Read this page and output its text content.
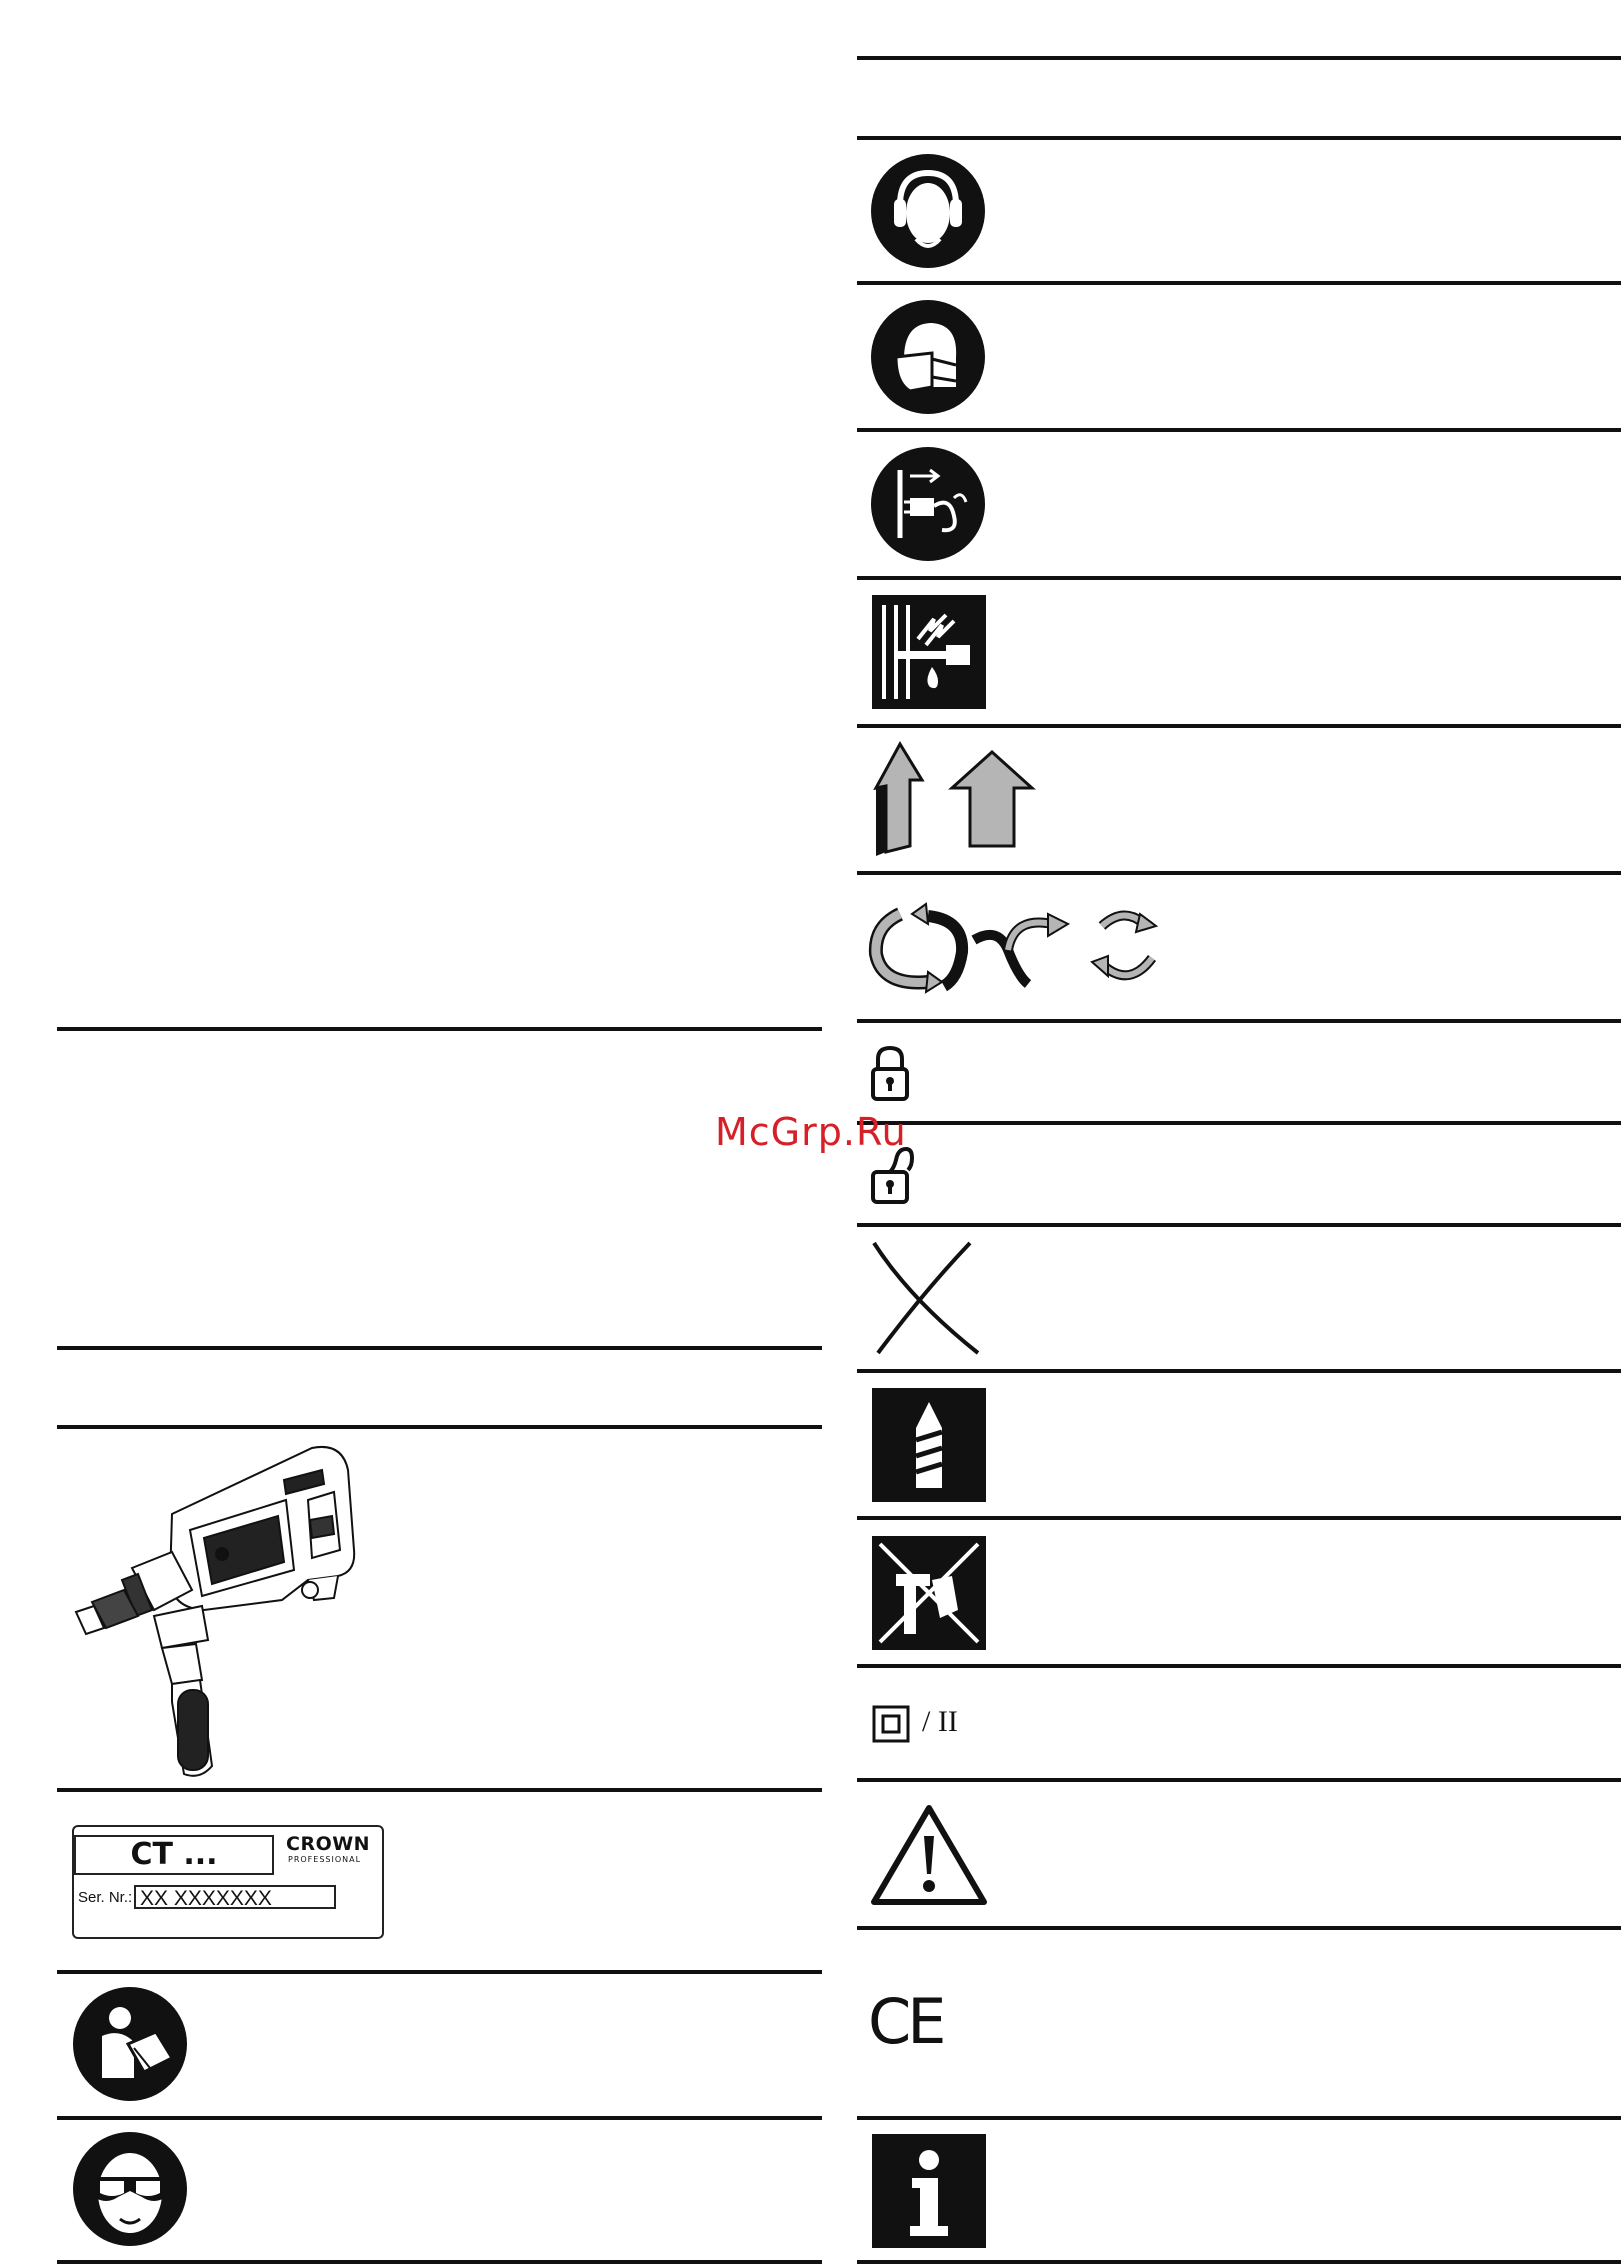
/ II
CE
CT ...	CROWN
PROFESSIONAL
Ser. Nr.: XX XXXXXXX
McGrp.Ru
